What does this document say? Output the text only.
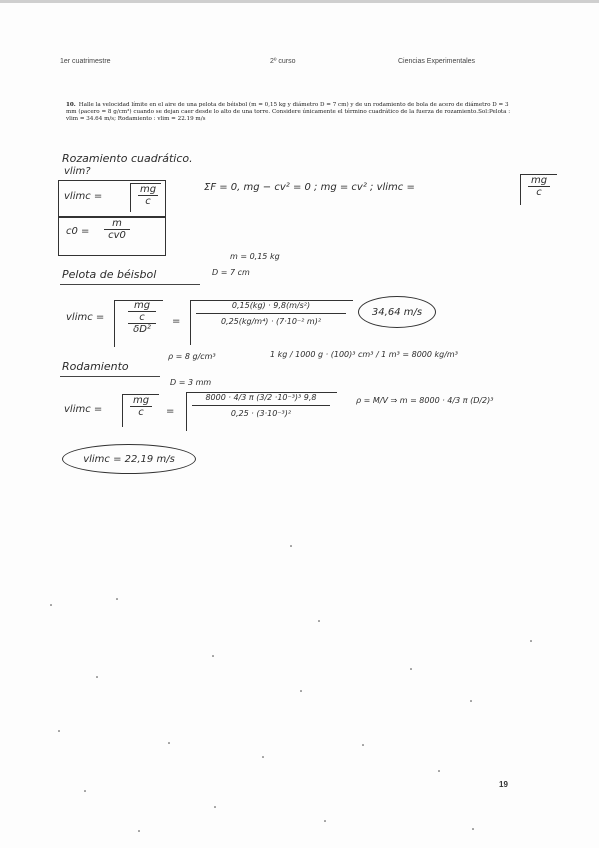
1er cuatrimestre	2º curso	Ciencias Experimentales
10. Halle la velocidad límite en el aire de una pelota de béisbol (m = 0,15 kg y diámetro D = 7 cm) y de un rodamiento de bola de acero de diámetro D = 3 mm (ρacero = 8 g/cm³) cuando se dejan caer desde lo alto de una torre. Considere únicamente el término cuadrático de la fuerza de rozamiento.Sol:Pelota : vlim = 34.64 m/s; Rodamiento : vlim = 22.19 m/s
Rozamiento cuadrático.
vlim?
vlimc =
mg
c
c0 =
m
cv0
ΣF = 0, mg − cv² = 0 ; mg = cv² ; vlimc =
mg
c
m = 0,15 kg
Pelota de béisbol	D = 7 cm
vlimc =
mg
c
δD²
=
0,15(kg) · 9,8(m/s²)
0,25(kg/m⁴) · (7·10⁻² m)²
34,64 m/s
Rodamiento
ρ = 8 g/cm³	1 kg / 1000 g · (100)³ cm³ / 1 m³ = 8000 kg/m³
D = 3 mm
vlimc =
mg
c =
8000 · 4/3 π (3/2 ·10⁻³)³ 9,8
0,25 · (3·10⁻³)²
ρ = M/V ⇒ m = 8000 · 4/3 π (D/2)³
vlimc = 22,19 m/s
19
